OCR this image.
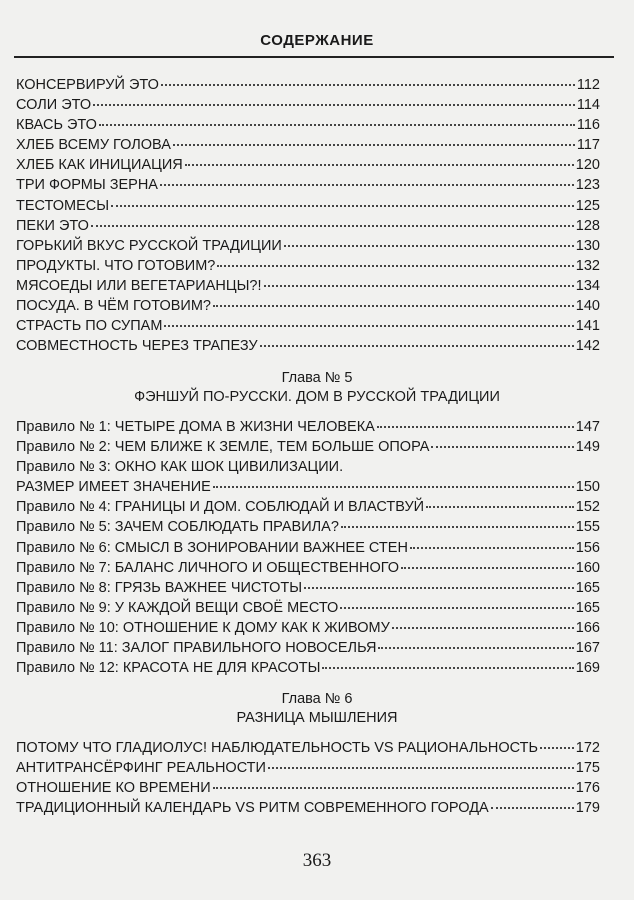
СОДЕРЖАНИЕ
КОНСЕРВИРУЙ ЭТО	112
СОЛИ ЭТО	114
КВАСЬ ЭТО	116
ХЛЕБ ВСЕМУ ГОЛОВА	117
ХЛЕБ КАК ИНИЦИАЦИЯ	120
ТРИ ФОРМЫ ЗЕРНА	123
ТЕСТОМЕСЫ	125
ПЕКИ ЭТО	128
ГОРЬКИЙ ВКУС РУССКОЙ ТРАДИЦИИ	130
ПРОДУКТЫ. ЧТО ГОТОВИМ?	132
МЯСОЕДЫ ИЛИ ВЕГЕТАРИАНЦЫ?!	134
ПОСУДА. В ЧЁМ ГОТОВИМ?	140
СТРАСТЬ ПО СУПАМ	141
СОВМЕСТНОСТЬ ЧЕРЕЗ ТРАПЕЗУ	142
Глава № 5
ФЭНШУЙ ПО-РУССКИ. ДОМ В РУССКОЙ ТРАДИЦИИ
Правило № 1: ЧЕТЫРЕ ДОМА В ЖИЗНИ ЧЕЛОВЕКА	147
Правило № 2: ЧЕМ БЛИЖЕ К ЗЕМЛЕ, ТЕМ БОЛЬШЕ ОПОРА	149
Правило № 3: ОКНО КАК ШОК ЦИВИЛИЗАЦИИ.
РАЗМЕР ИМЕЕТ ЗНАЧЕНИЕ	150
Правило № 4: ГРАНИЦЫ И ДОМ. СОБЛЮДАЙ И ВЛАСТВУЙ	152
Правило № 5: ЗАЧЕМ СОБЛЮДАТЬ ПРАВИЛА?	155
Правило № 6: СМЫСЛ В ЗОНИРОВАНИИ ВАЖНЕЕ СТЕН	156
Правило № 7: БАЛАНС ЛИЧНОГО И ОБЩЕСТВЕННОГО	160
Правило № 8: ГРЯЗЬ ВАЖНЕЕ ЧИСТОТЫ	165
Правило № 9: У КАЖДОЙ ВЕЩИ СВОЁ МЕСТО	165
Правило № 10: ОТНОШЕНИЕ К ДОМУ КАК К ЖИВОМУ	166
Правило № 11: ЗАЛОГ ПРАВИЛЬНОГО НОВОСЕЛЬЯ	167
Правило № 12: КРАСОТА НЕ ДЛЯ КРАСОТЫ	169
Глава № 6
РАЗНИЦА МЫШЛЕНИЯ
ПОТОМУ ЧТО ГЛАДИОЛУС! НАБЛЮДАТЕЛЬНОСТЬ VS РАЦИОНАЛЬНОСТЬ	172
АНТИТРАНСЁРФИНГ РЕАЛЬНОСТИ	175
ОТНОШЕНИЕ КО ВРЕМЕНИ	176
ТРАДИЦИОННЫЙ КАЛЕНДАРЬ VS РИТМ СОВРЕМЕННОГО ГОРОДА	179
363
